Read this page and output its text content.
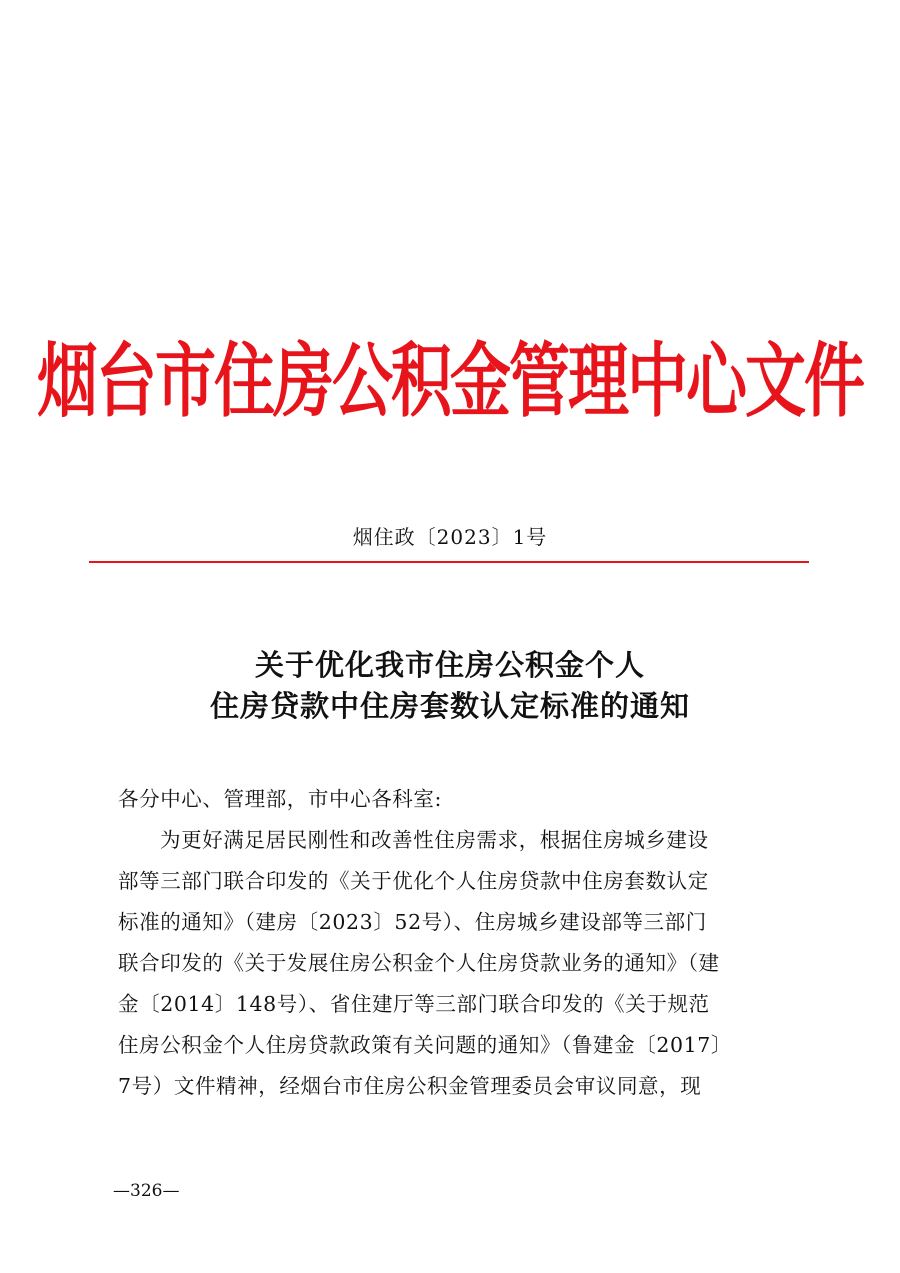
烟台市住房公积金管理中心文件
烟住政〔2023〕1号
关于优化我市住房公积金个人
住房贷款中住房套数认定标准的通知
各分中心、管理部，市中心各科室:
为更好满足居民刚性和改善性住房需求，根据住房城乡建设
部等三部门联合印发的《关于优化个人住房贷款中住房套数认定
标准的通知》（建房〔2023〕52号）、住房城乡建设部等三部门
联合印发的《关于发展住房公积金个人住房贷款业务的通知》（建
金〔2014〕148号）、省住建厅等三部门联合印发的《关于规范
住房公积金个人住房贷款政策有关问题的通知》（鲁建金〔2017〕
7号）文件精神，经烟台市住房公积金管理委员会审议同意，现
—326—
